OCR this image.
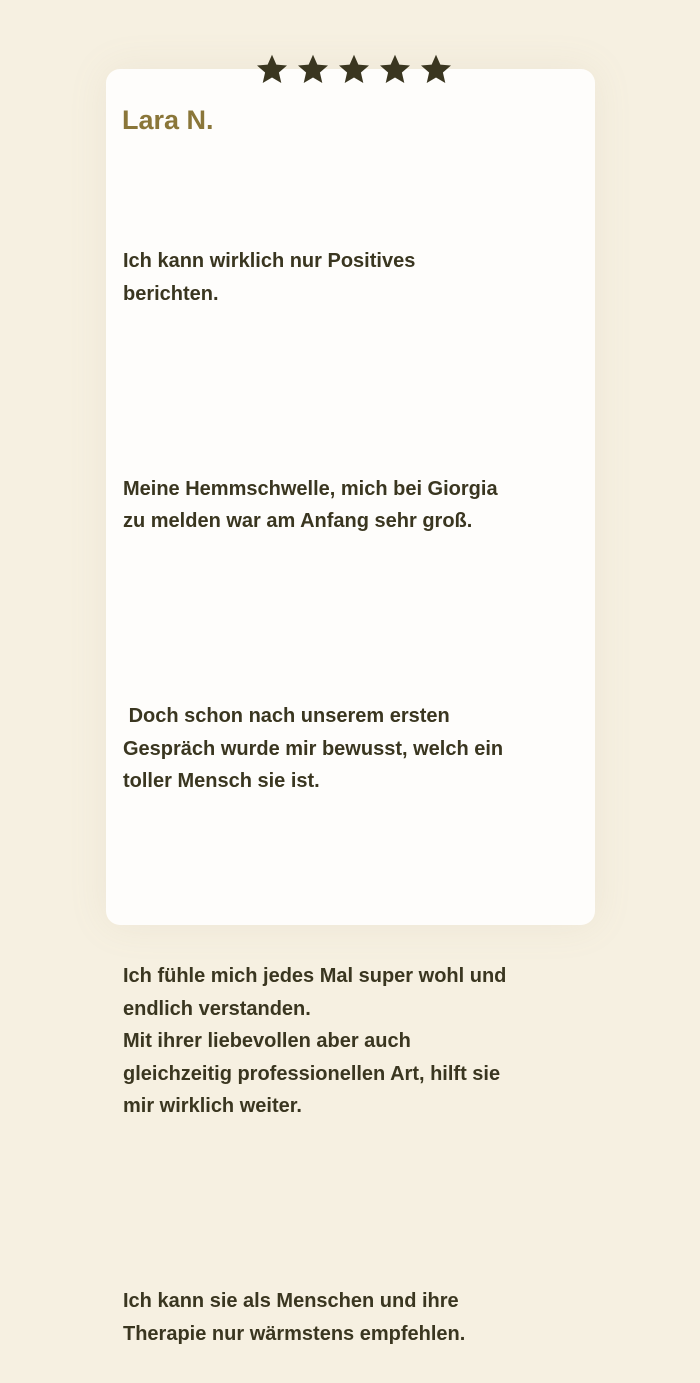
Lara N.

Ich kann wirklich nur Positives
berichten.

Meine Hemmschwelle, mich bei Giorgia
zu melden war am Anfang sehr groß.

Doch schon nach unserem ersten
Gespräch wurde mir bewusst, welch ein
toller Mensch sie ist.

Ich fühle mich jedes Mal super wohl und
endlich verstanden.
Mit ihrer liebevollen aber auch
gleichzeitig professionellen Art, hilft sie
mir wirklich weiter.

Ich kann sie als Menschen und ihre
Therapie nur wärmstens empfehlen.
